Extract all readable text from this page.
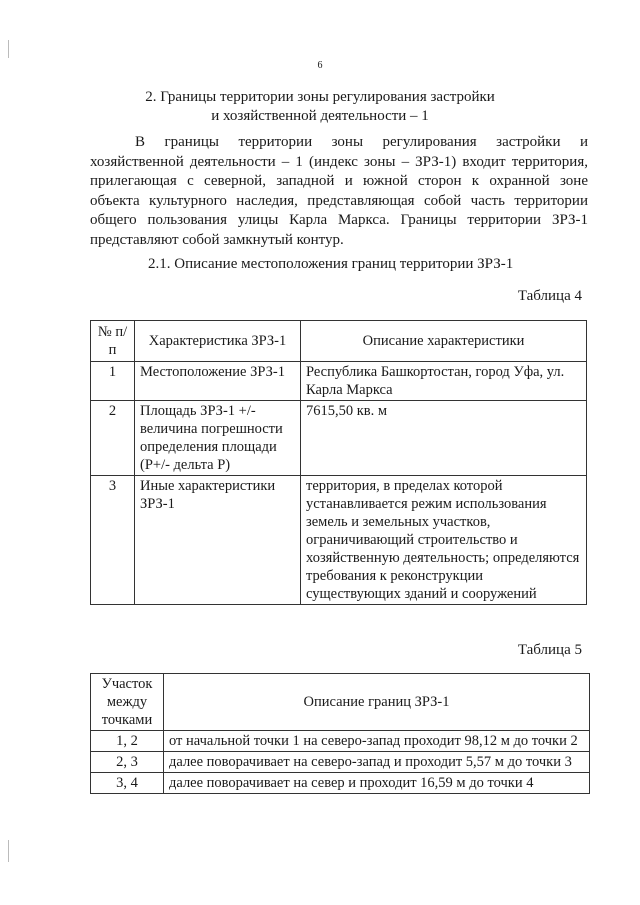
6
2. Границы территории зоны регулирования застройки
и хозяйственной деятельности – 1
В границы территории зоны регулирования застройки и
хозяйственной деятельности – 1 (индекс зоны – ЗРЗ-1) входит территория,
прилегающая с северной, западной и южной сторон к охранной зоне
объекта культурного наследия, представляющая собой часть территории
общего пользования улицы Карла Маркса. Границы территории ЗРЗ-1
представляют собой замкнутый контур.
2.1. Описание местоположения границ территории ЗРЗ-1
Таблица 4
№ п/п	Характеристика ЗРЗ-1	Описание характеристики
1	Местоположение ЗРЗ-1	Республика Башкортостан, город Уфа, ул. Карла Маркса
2	Площадь ЗРЗ-1 +/- величина погрешности определения площади (Р+/- дельта Р)	7615,50 кв. м
3	Иные характеристики ЗРЗ-1	территория, в пределах которой устанавливается режим использования земель и земельных участков, ограничивающий строительство и хозяйственную деятельность; определяются требования к реконструкции существующих зданий и сооружений
Таблица 5
Участок между точками	Описание границ ЗРЗ-1
1, 2	от начальной точки 1 на северо-запад проходит 98,12 м до точки 2
2, 3	далее поворачивает на северо-запад и проходит 5,57 м до точки 3
3, 4	далее поворачивает на север и проходит 16,59 м до точки 4
